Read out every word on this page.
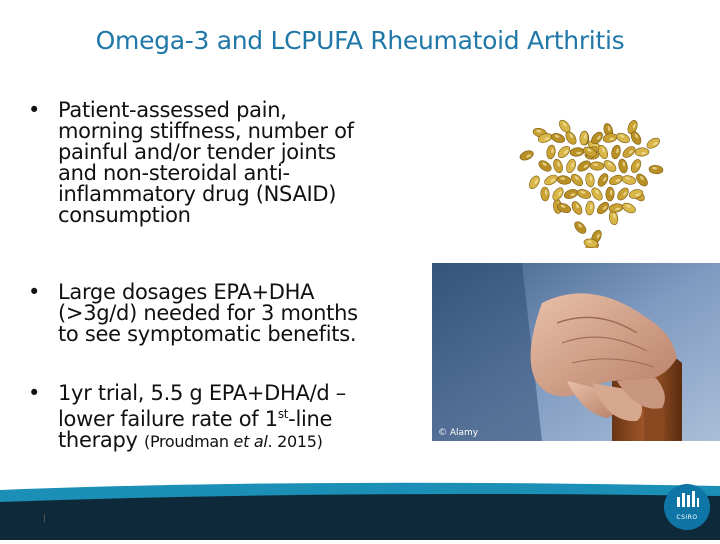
Omega-3 and LCPUFA Rheumatoid Arthritis
• Patient-assessed pain,
morning stiffness, number of
painful and/or tender joints
and non-steroidal anti-
inflammatory drug (NSAID)
consumption
• Large dosages EPA+DHA
(>3g/d) needed for 3 months
to see symptomatic benefits.
• 1yr trial, 5.5 g EPA+DHA/d –
lower failure rate of 1st-line
therapy (Proudman et al. 2015)	© Alamy
CSIRO
